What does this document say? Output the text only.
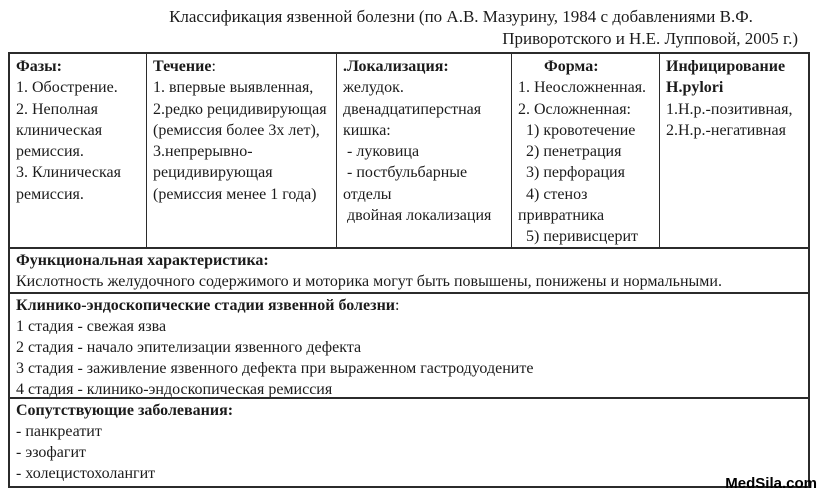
Классификация язвенной болезни (по А.В. Мазурину, 1984 с добавлениями В.Ф.
Приворотского и Н.Е. Лупповой, 2005 г.)
Фазы:
1. Обострение.
2. Неполная
клиническая
ремиссия.
3. Клиническая
ремиссия.
Течение:
1. впервые выявленная,
2.редко рецидивирующая
(ремиссия более 3х лет),
3.непрерывно-
рецидивирующая
(ремиссия менее 1 года)
.Локализация:
желудок.
двенадцатиперстная
кишка:
- луковица
- постбульбарные
отделы
двойная локализация
Форма:
1. Неосложненная.
2. Осложненная:
1) кровотечение
2) пенетрация
3) перфорация
4) стеноз
привратника
5) перивисцерит
Инфицирование
H.pylori
1.Н.р.-позитивная,
2.Н.р.-негативная
Функциональная характеристика:
Кислотность желудочного содержимого и моторика могут быть повышены, понижены и нормальными.
Клинико-эндоскопические стадии язвенной болезни:
1 стадия - свежая язва
2 стадия - начало эпителизации язвенного дефекта
3 стадия - заживление язвенного дефекта при выраженном гастродуодените
4 стадия - клинико-эндоскопическая ремиссия
Сопутствующие заболевания:
- панкреатит
- эзофагит
- холецистохолангит
MedSila.com
